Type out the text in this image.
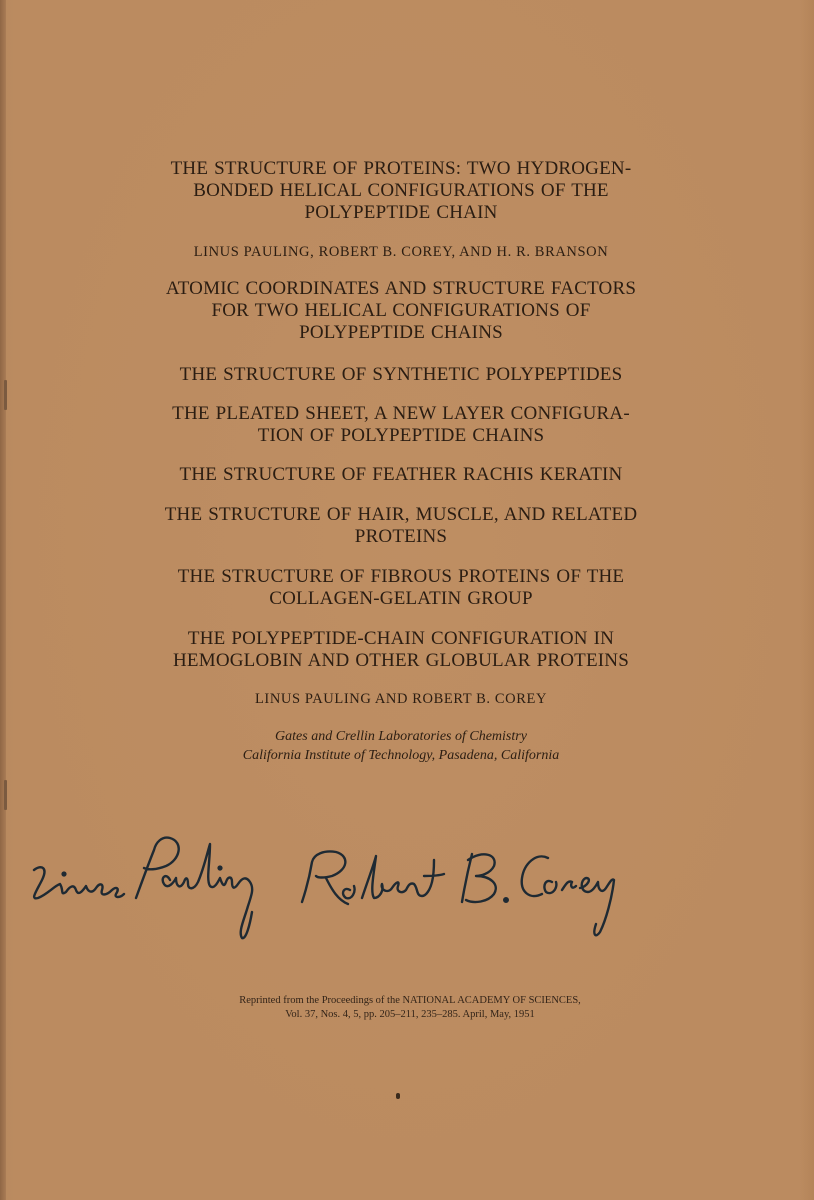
THE STRUCTURE OF PROTEINS: TWO HYDROGEN-
BONDED HELICAL CONFIGURATIONS OF THE
POLYPEPTIDE CHAIN
LINUS PAULING, ROBERT B. COREY, AND H. R. BRANSON
ATOMIC COORDINATES AND STRUCTURE FACTORS
FOR TWO HELICAL CONFIGURATIONS OF
POLYPEPTIDE CHAINS
THE STRUCTURE OF SYNTHETIC POLYPEPTIDES
THE PLEATED SHEET, A NEW LAYER CONFIGURA-
TION OF POLYPEPTIDE CHAINS
THE STRUCTURE OF FEATHER RACHIS KERATIN
THE STRUCTURE OF HAIR, MUSCLE, AND RELATED
PROTEINS
THE STRUCTURE OF FIBROUS PROTEINS OF THE
COLLAGEN-GELATIN GROUP
THE POLYPEPTIDE-CHAIN CONFIGURATION IN
HEMOGLOBIN AND OTHER GLOBULAR PROTEINS
LINUS PAULING AND ROBERT B. COREY
Gates and Crellin Laboratories of Chemistry
California Institute of Technology, Pasadena, California
Reprinted from the Proceedings of the NATIONAL ACADEMY OF SCIENCES,
Vol. 37, Nos. 4, 5, pp. 205–211, 235–285. April, May, 1951
